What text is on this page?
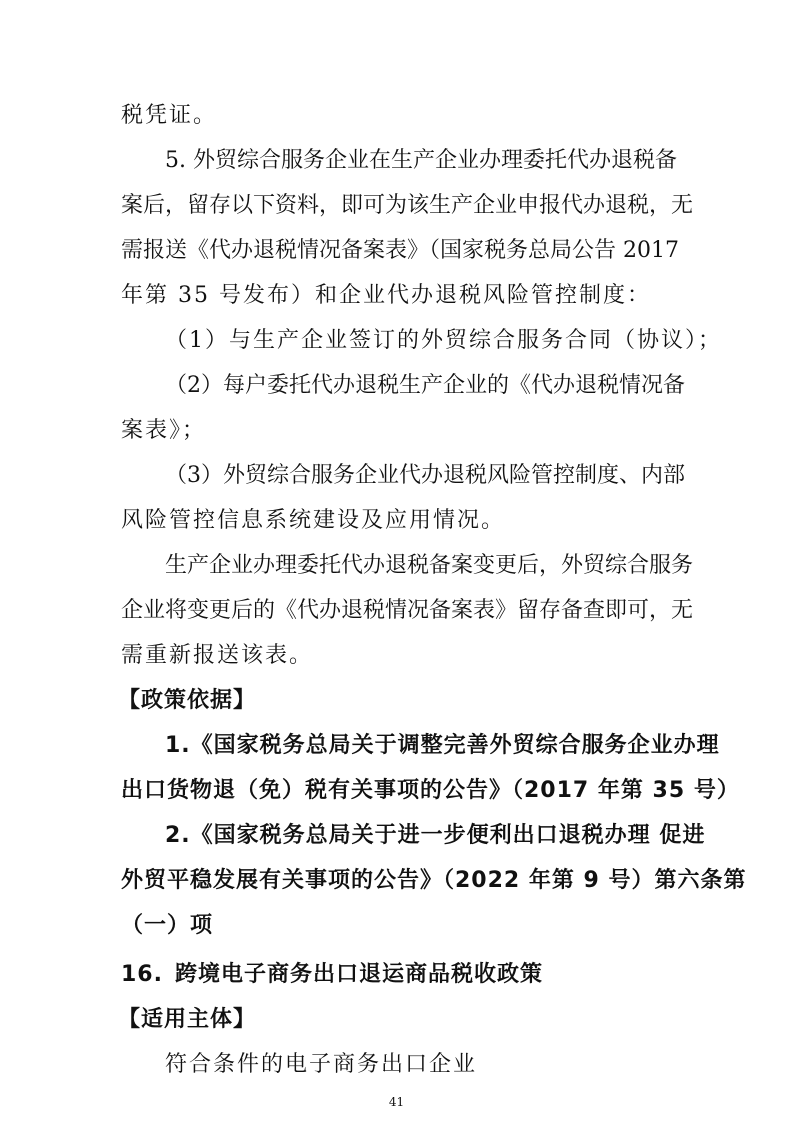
税凭证。
5. 外贸综合服务企业在生产企业办理委托代办退税备
案后，留存以下资料，即可为该生产企业申报代办退税，无
需报送《代办退税情况备案表》（国家税务总局公告 2017
年第 35 号发布）和企业代办退税风险管控制度：
（1）与生产企业签订的外贸综合服务合同（协议）；
（2）每户委托代办退税生产企业的《代办退税情况备
案表》；
（3）外贸综合服务企业代办退税风险管控制度、内部
风险管控信息系统建设及应用情况。
生产企业办理委托代办退税备案变更后，外贸综合服务
企业将变更后的《代办退税情况备案表》留存备查即可，无
需重新报送该表。
【政策依据】
1.《国家税务总局关于调整完善外贸综合服务企业办理
出口货物退（免）税有关事项的公告》（2017 年第 35 号）
2.《国家税务总局关于进一步便利出口退税办理 促进
外贸平稳发展有关事项的公告》（2022 年第 9 号）第六条第
（一）项
16. 跨境电子商务出口退运商品税收政策
【适用主体】
符合条件的电子商务出口企业
41
